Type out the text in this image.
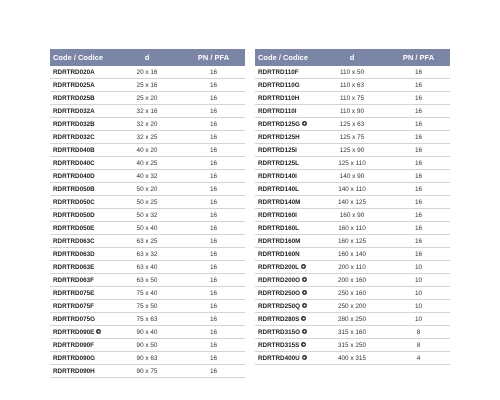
Code / Codice	d	PN / PFA
RDRTRD020A	20 x 16	16
RDRTRD025A	25 x 16	16
RDRTRD025B	25 x 20	16
RDRTRD032A	32 x 16	16
RDRTRD032B	32 x 20	16
RDRTRD032C	32 x 25	16
RDRTRD040B	40 x 20	16
RDRTRD040C	40 x 25	16
RDRTRD040D	40 x 32	16
RDRTRD050B	50 x 20	16
RDRTRD050C	50 x 25	16
RDRTRD050D	50 x 32	16
RDRTRD050E	50 x 40	16
RDRTRD063C	63 x 25	16
RDRTRD063D	63 x 32	16
RDRTRD063E	63 x 40	16
RDRTRD063F	63 x 50	16
RDRTRD075E	75 x 40	16
RDRTRD075F	75 x 50	16
RDRTRD075G	75 x 63	16
RDRTRD090E ✦	90 x 40	16
RDRTRD090F	90 x 50	16
RDRTRD090G	90 x 63	16
RDRTRD090H	90 x 75	16
Code / Codice	d	PN / PFA
RDRTRD110F	110 x 50	16
RDRTRD110G	110 x 63	16
RDRTRD110H	110 x 75	16
RDRTRD110I	110 x 90	16
RDRTRD125G ✦	125 x 63	16
RDRTRD125H	125 x 75	16
RDRTRD125I	125 x 90	16
RDRTRD125L	125 x 110	16
RDRTRD140I	140 x 90	16
RDRTRD140L	140 x 110	16
RDRTRD140M	140 x 125	16
RDRTRD160I	160 x 90	16
RDRTRD160L	160 x 110	16
RDRTRD160M	160 x 125	16
RDRTRD160N	160 x 140	16
RDRTRD200L ✦	200 x 110	10
RDRTRD200O ✦	200 x 160	10
RDRTRD250O ✦	250 x 160	10
RDRTRD250Q ✦	250 x 200	10
RDRTRD280S ✦	280 x 250	10
RDRTRD315O ✦	315 x 160	8
RDRTRD315S ✦	315 x 250	8
RDRTRD400U ✦	400 x 315	4
